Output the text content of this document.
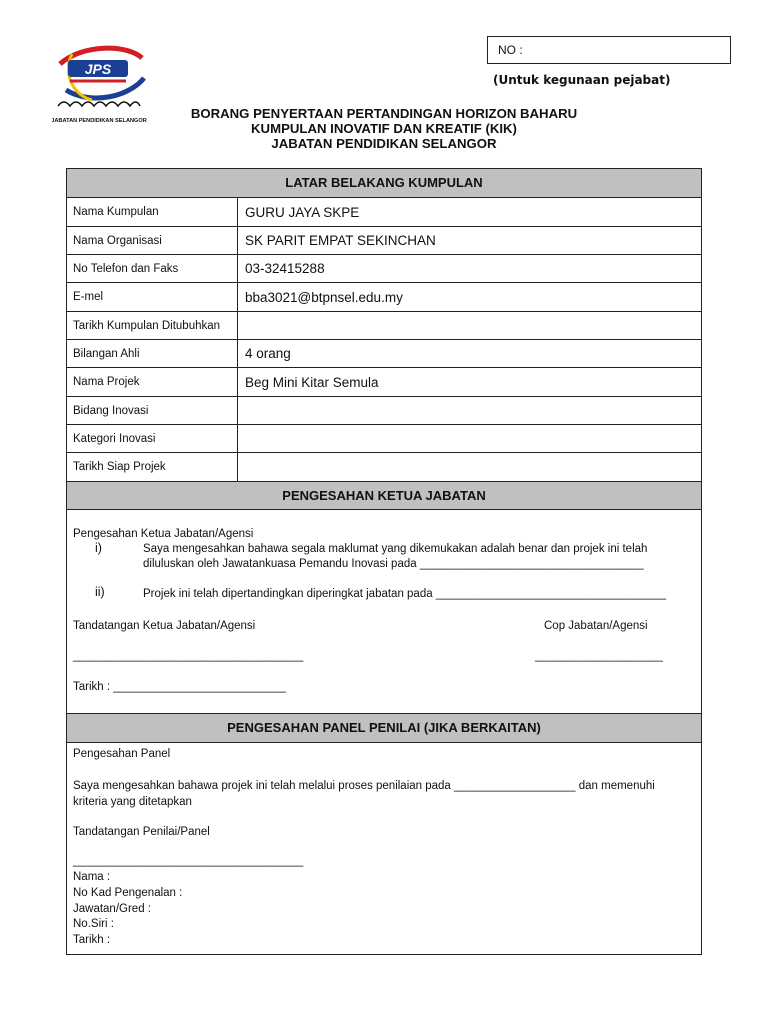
JPS
JABATAN PENDIDIKAN SELANGOR
NO :
(Untuk kegunaan pejabat)
BORANG PENYERTAAN PERTANDINGAN HORIZON BAHARU
KUMPULAN INOVATIF DAN KREATIF (KIK)
JABATAN PENDIDIKAN SELANGOR
LATAR BELAKANG KUMPULAN
Nama Kumpulan	GURU JAYA SKPE
Nama Organisasi	SK PARIT EMPAT SEKINCHAN
No Telefon dan Faks	03-32415288
E-mel	bba3021@btpnsel.edu.my
Tarikh Kumpulan Ditubuhkan
Bilangan Ahli	4 orang
Nama Projek	Beg Mini Kitar Semula
Bidang Inovasi
Kategori Inovasi
Tarikh Siap Projek
PENGESAHAN KETUA JABATAN
Pengesahan Ketua Jabatan/Agensi
i)	Saya mengesahkan bahawa segala maklumat yang dikemukakan adalah benar dan projek ini telah
diluluskan oleh Jawatankuasa Pemandu Inovasi pada ___________________________________
ii)	Projek ini telah dipertandingkan diperingkat jabatan pada ____________________________________
Tandatangan Ketua Jabatan/Agensi	Cop Jabatan/Agensi
____________________________________	____________________
Tarikh : ___________________________
PENGESAHAN PANEL PENILAI (JIKA BERKAITAN)
Pengesahan Panel
Saya mengesahkan bahawa projek ini telah melalui proses penilaian pada ___________________ dan memenuhi
kriteria yang ditetapkan
Tandatangan Penilai/Panel
____________________________________
Nama :
No Kad Pengenalan :
Jawatan/Gred :
No.Siri :
Tarikh :
